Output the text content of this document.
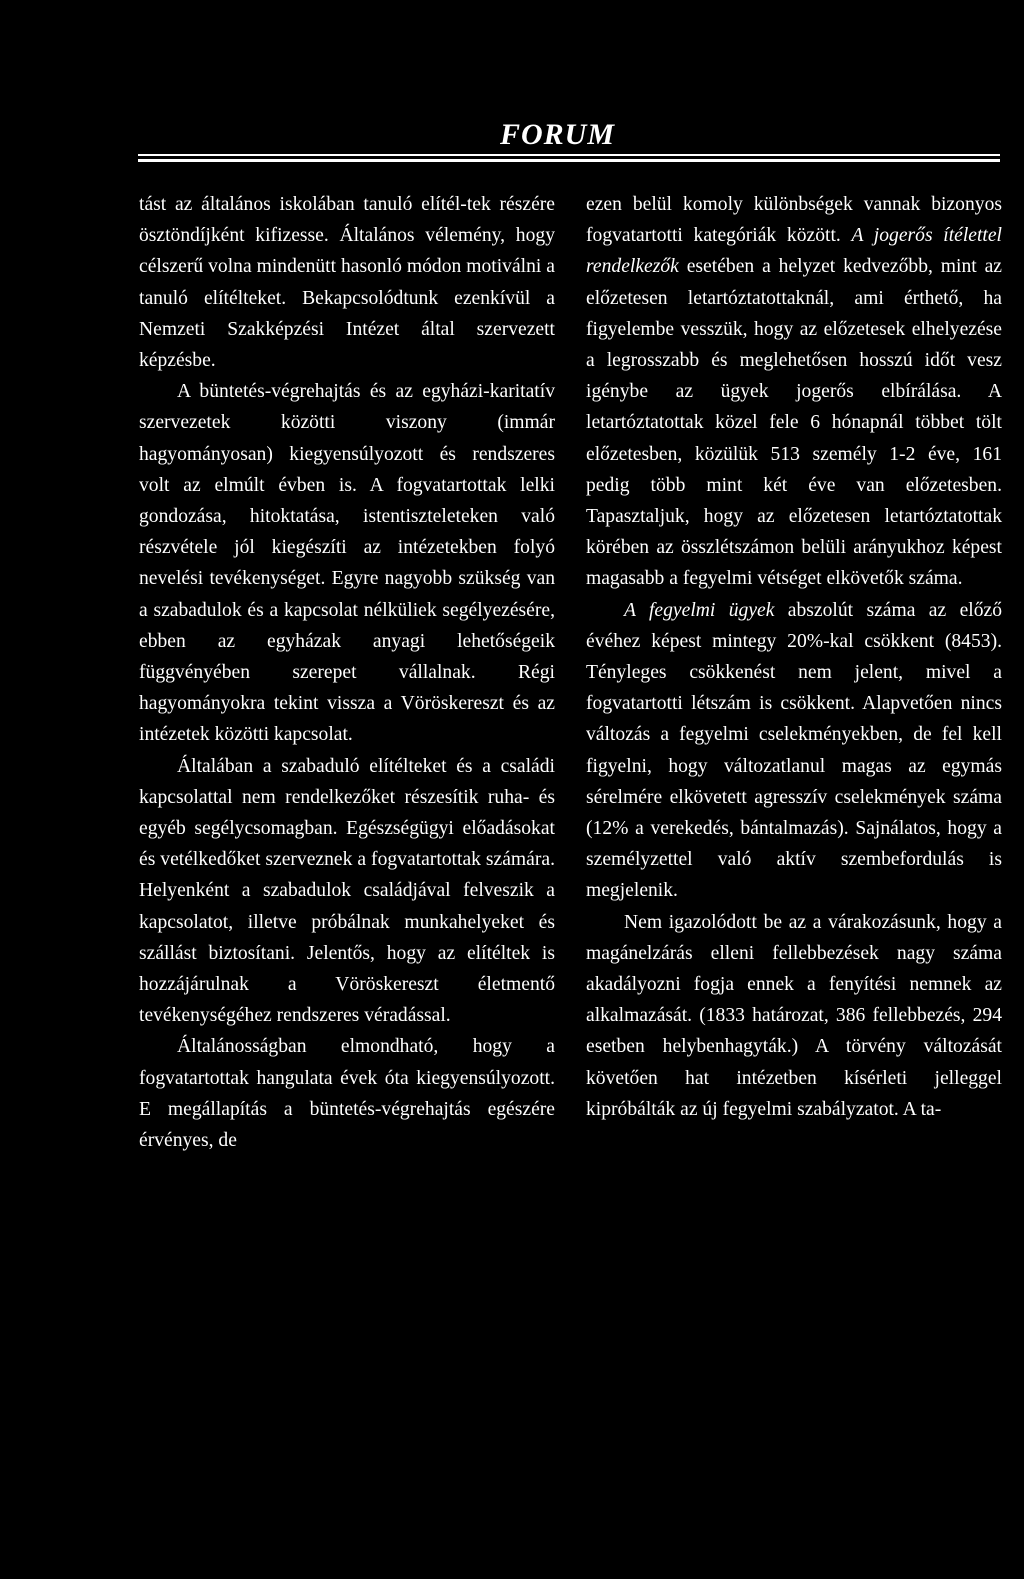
FORUM

tást az általános iskolában tanuló elítél-tek részére ösztöndíjként kifizesse. Általános vélemény, hogy célszerű volna mindenütt hasonló módon motiválni a tanuló elítélteket. Bekapcsolódtunk ezenkívül a Nemzeti Szakképzési Intézet által szervezett képzésbe.

A büntetés-végrehajtás és az egyházi-karitatív szervezetek közötti viszony (immár hagyományosan) kiegyensúlyozott és rendszeres volt az elmúlt évben is. A fogvatartottak lelki gondozása, hitoktatása, istentiszteleteken való részvétele jól kiegészíti az intézetekben folyó nevelési tevékenységet. Egyre nagyobb szükség van a szabadulok és a kapcsolat nélküliek segélyezésére, ebben az egyházak anyagi lehetőségeik függvényében szerepet vállalnak. Régi hagyományokra tekint vissza a Vöröskereszt és az intézetek közötti kapcsolat.

Általában a szabaduló elítélteket és a családi kapcsolattal nem rendelkezőket részesítik ruha- és egyéb segélycsomagban. Egészségügyi előadásokat és vetélkedőket szerveznek a fogvatartottak számára. Helyenként a szabadulok családjával felveszik a kapcsolatot, illetve próbálnak munkahelyeket és szállást biztosítani. Jelentős, hogy az elítéltek is hozzájárulnak a Vöröskereszt életmentő tevékenységéhez rendszeres véradással.

Általánosságban elmondható, hogy a fogvatartottak hangulata évek óta kiegyensúlyozott. E megállapítás a büntetés-végrehajtás egészére érvényes, de

ezen belül komoly különbségek vannak bizonyos fogvatartotti kategóriák között. A jogerős ítélettel rendelkezők esetében a helyzet kedvezőbb, mint az előzetesen letartóztatottaknál, ami érthető, ha figyelembe vesszük, hogy az előzetesek elhelyezése a legrosszabb és meglehetősen hosszú időt vesz igénybe az ügyek jogerős elbírálása. A letartóztatottak közel fele 6 hónapnál többet tölt előzetesben, közülük 513 személy 1-2 éve, 161 pedig több mint két éve van előzetesben. Tapasztaljuk, hogy az előzetesen letartóztatottak körében az összlétszámon belüli arányukhoz képest magasabb a fegyelmi vétséget elkövetők száma.

A fegyelmi ügyek abszolút száma az előző évéhez képest mintegy 20%-kal csökkent (8453). Tényleges csökkenést nem jelent, mivel a fogvatartotti létszám is csökkent. Alapvetően nincs változás a fegyelmi cselekményekben, de fel kell figyelni, hogy változatlanul magas az egymás sérelmére elkövetett agresszív cselekmények száma (12% a verekedés, bántalmazás). Sajnálatos, hogy a személyzettel való aktív szembefordulás is megjelenik.

Nem igazolódott be az a várakozásunk, hogy a magánelzárás elleni fellebbezések nagy száma akadályozni fogja ennek a fenyítési nemnek az alkalmazását. (1833 határozat, 386 fellebbezés, 294 esetben helybenhagyták.) A törvény változását követően hat intézetben kísérleti jelleggel kipróbálták az új fegyelmi szabályzatot. A ta-
